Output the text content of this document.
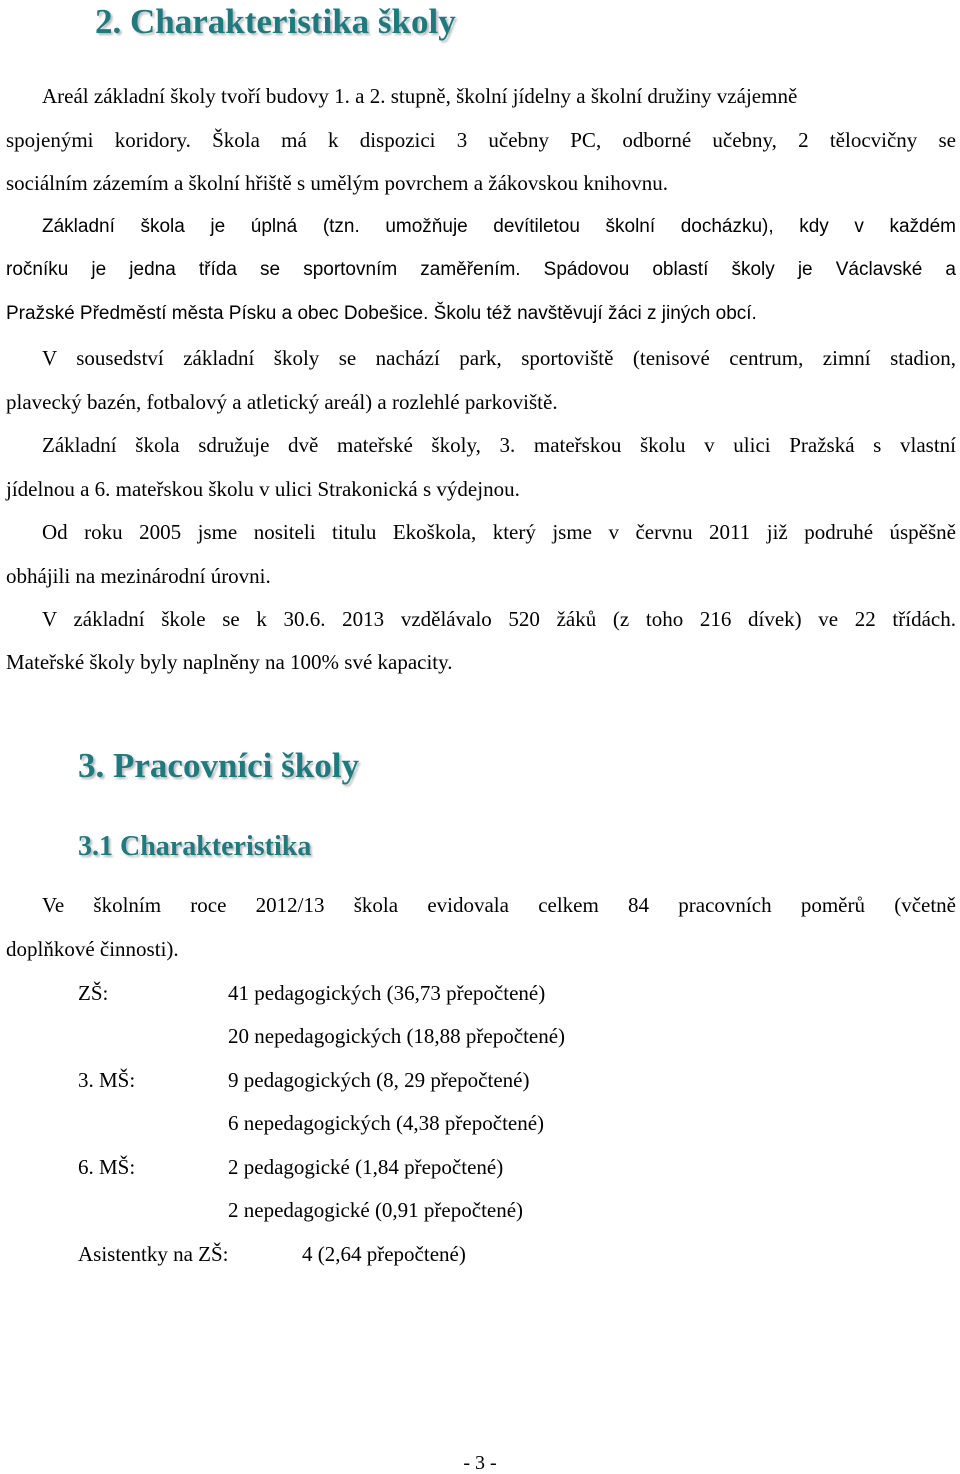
2. Charakteristika školy
Areál základní školy tvoří budovy 1. a 2. stupně, školní jídelny a školní družiny vzájemně
spojenými koridory. Škola má k dispozici 3 učebny PC, odborné učebny, 2 tělocvičny se
sociálním zázemím a školní hřiště s umělým povrchem a žákovskou knihovnu.
Základní škola je úplná (tzn. umožňuje devítiletou školní docházku), kdy v každém
ročníku je jedna třída se sportovním zaměřením. Spádovou oblastí školy je Václavské a
Pražské Předměstí města Písku a obec Dobešice. Školu též navštěvují žáci z jiných obcí.
V sousedství základní školy se nachází park, sportoviště (tenisové centrum, zimní stadion,
plavecký bazén, fotbalový a atletický areál) a rozlehlé parkoviště.
Základní škola sdružuje dvě mateřské školy, 3. mateřskou školu v ulici Pražská s vlastní
jídelnou a 6. mateřskou školu v ulici Strakonická s výdejnou.
Od roku 2005 jsme nositeli titulu Ekoškola, který jsme v červnu 2011 již podruhé úspěšně
obhájili na mezinárodní úrovni.
V základní škole se k 30.6. 2013 vzdělávalo 520 žáků (z toho 216 dívek) ve 22 třídách.
Mateřské školy byly naplněny na 100% své kapacity.
3. Pracovníci školy
3.1 Charakteristika
Ve školním roce 2012/13 škola evidovala celkem 84 pracovních poměrů (včetně
doplňkové činnosti).
ZŠ:	41 pedagogických (36,73 přepočtené)
20 nepedagogických (18,88 přepočtené)
3. MŠ:	9 pedagogických (8, 29 přepočtené)
6 nepedagogických (4,38 přepočtené)
6. MŠ:	2 pedagogické (1,84 přepočtené)
2 nepedagogické (0,91 přepočtené)
Asistentky na ZŠ:	4 (2,64 přepočtené)
- 3 -
